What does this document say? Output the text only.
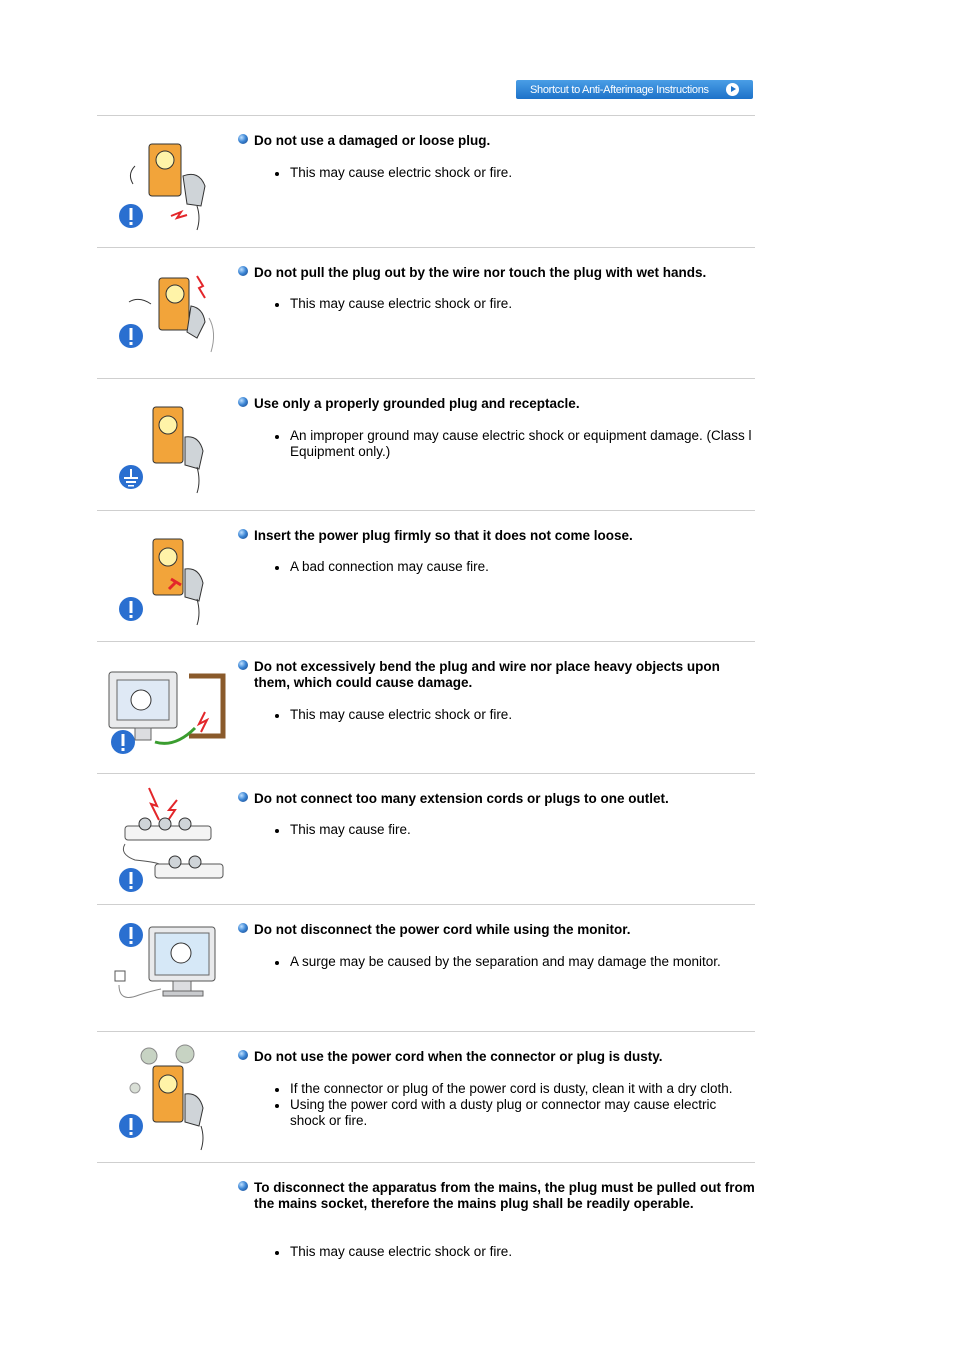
Shortcut to Anti-Afterimage Instructions
Do not use a damaged or loose plug.
This may cause electric shock or fire.
Do not pull the plug out by the wire nor touch the plug with wet hands.
This may cause electric shock or fire.
Use only a properly grounded plug and receptacle.
An improper ground may cause electric shock or equipment damage. (Class l Equipment only.)
Insert the power plug firmly so that it does not come loose.
A bad connection may cause fire.
Do not excessively bend the plug and wire nor place heavy objects upon them, which could cause damage.
This may cause electric shock or fire.
Do not connect too many extension cords or plugs to one outlet.
This may cause fire.
Do not disconnect the power cord while using the monitor.
A surge may be caused by the separation and may damage the monitor.
Do not use the power cord when the connector or plug is dusty.
If the connector or plug of the power cord is dusty, clean it with a dry cloth.
Using the power cord with a dusty plug or connector may cause electric shock or fire.
To disconnect the apparatus from the mains, the plug must be pulled out from the mains socket, therefore the mains plug shall be readily operable.
This may cause electric shock or fire.
